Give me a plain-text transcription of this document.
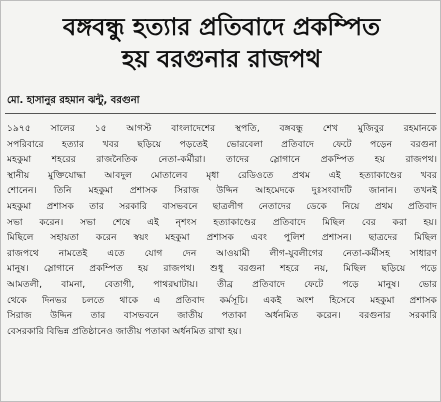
বঙ্গবন্ধু হত্যার প্রতিবাদে প্রকম্পিত
হয় বরগুনার রাজপথ
মো. হাসানুর রহমান ঝন্টু, বরগুনা
১৯৭৫ সালের ১৫ আগস্ট বাংলাদেশের স্থপতি, বঙ্গবন্ধু শেখ মুজিবুর রহমানকে
সপরিবারে হত্যার খবর ছড়িয়ে পড়তেই ভোরবেলা প্রতিবাদে ফেটে পড়েন বরগুনা
মহকুমা শহরের রাজনৈতিক নেতা-কর্মীরা। তাদের স্লোগানে প্রকম্পিত হয় রাজপথ।
স্থানীয় মুক্তিযোদ্ধা আবদুল মোতালেব মৃধা রেডিওতে প্রথম এই হত্যাকাণ্ডের খবর
শোনেন। তিনি মহকুমা প্রশাসক সিরাজ উদ্দিন আহমেদকে দুঃসংবাদটি জানান। তখনই
মহকুমা প্রশাসক তার সরকারি বাসভবনে ছাত্রলীগ নেতাদের ডেকে নিয়ে প্রথম প্রতিবাদ
সভা করেন। সভা শেষে এই নৃশংস হত্যাকাণ্ডের প্রতিবাদে মিছিল বের করা হয়।
মিছিলে সহায়তা করেন স্বয়ং মহকুমা প্রশাসক এবং পুলিশ প্রশাসন। ছাত্রদের মিছিল
রাজপথে নামতেই এতে যোগ দেন আওয়ামী লীগ-যুবলীগের নেতা-কর্মীসহ সাধারণ
মানুষ। স্লোগানে প্রকম্পিত হয় রাজপথ। শুধু বরগুনা শহরে নয়, মিছিল ছড়িয়ে পড়ে
আমতলী, বামনা, বেতাগী, পাথরঘাটায়। তীব্র প্রতিবাদে ফেটে পড়ে মানুষ। ভোর
থেকে দিনভর চলতে থাকে এ প্রতিবাদ কর্মসূচি। একই অংশ হিসেবে মহকুমা প্রশাসক
সিরাজ উদ্দিন তার বাসভবনে জাতীয় পতাকা অর্ধনমিত করেন। বরগুনার সরকারি
বেসরকারি বিভিন্ন প্রতিষ্ঠানেও জাতীয় পতাকা অর্ধনমিত রাখা হয়।
